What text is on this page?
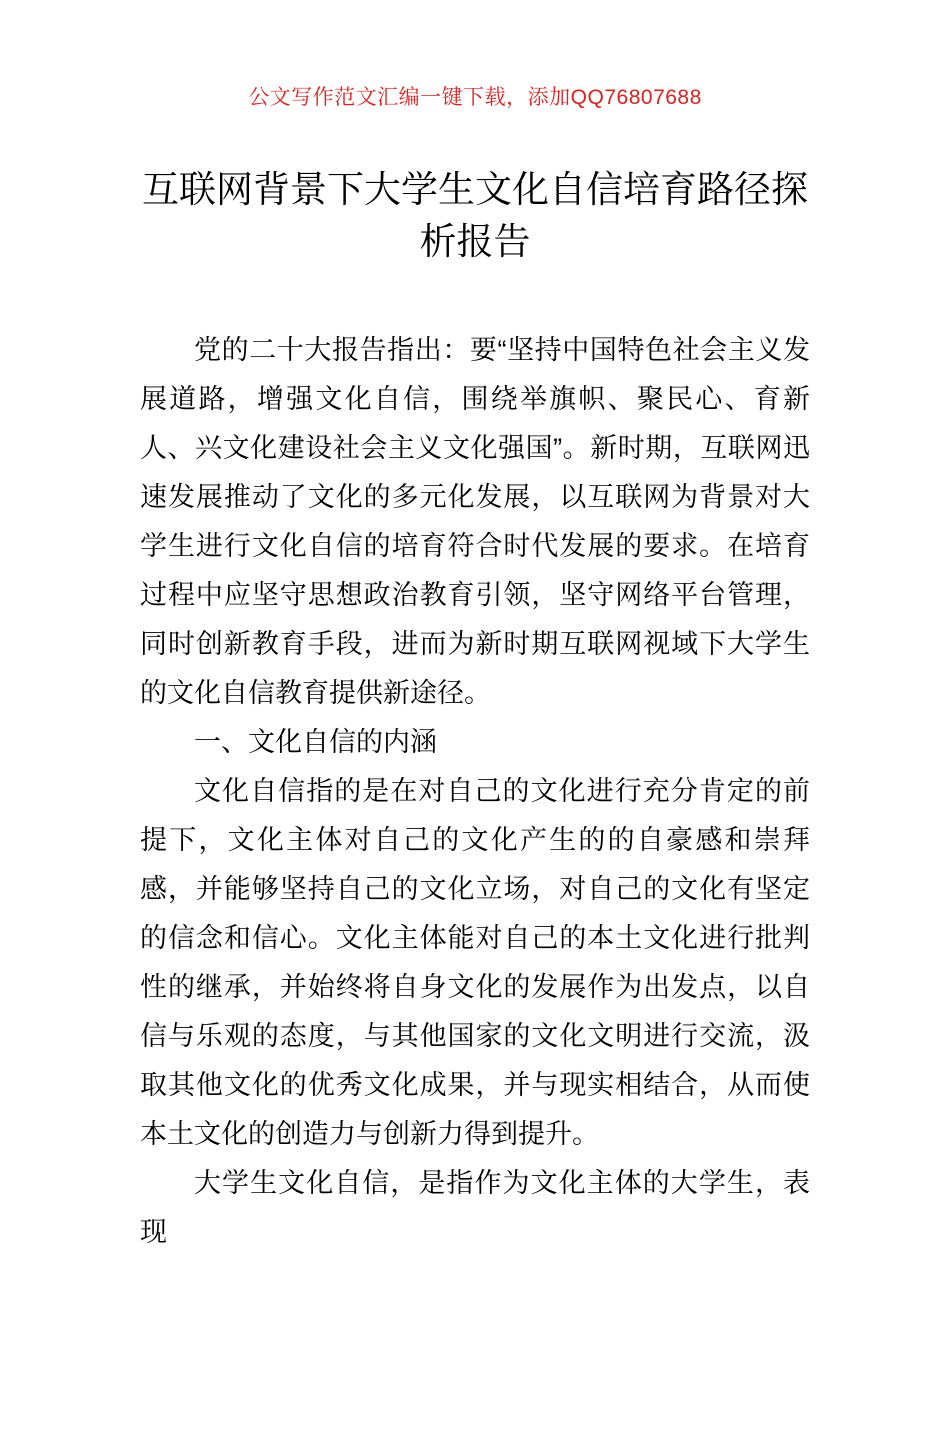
公文写作范文汇编一键下载，添加QQ76807688
互联网背景下大学生文化自信培育路径探析报告

党的二十大报告指出：要“坚持中国特色社会主义发展道路，增强文化自信，围绕举旗帜、聚民心、育新人、兴文化建设社会主义文化强国”。新时期，互联网迅速发展推动了文化的多元化发展，以互联网为背景对大学生进行文化自信的培育符合时代发展的要求。在培育过程中应坚守思想政治教育引领，坚守网络平台管理，同时创新教育手段，进而为新时期互联网视域下大学生的文化自信教育提供新途径。

一、文化自信的内涵

文化自信指的是在对自己的文化进行充分肯定的前提下，文化主体对自己的文化产生的的自豪感和崇拜感，并能够坚持自己的文化立场，对自己的文化有坚定的信念和信心。文化主体能对自己的本土文化进行批判性的继承，并始终将自身文化的发展作为出发点，以自信与乐观的态度，与其他国家的文化文明进行交流，汲取其他文化的优秀文化成果，并与现实相结合，从而使本土文化的创造力与创新力得到提升。

大学生文化自信，是指作为文化主体的大学生，表现
